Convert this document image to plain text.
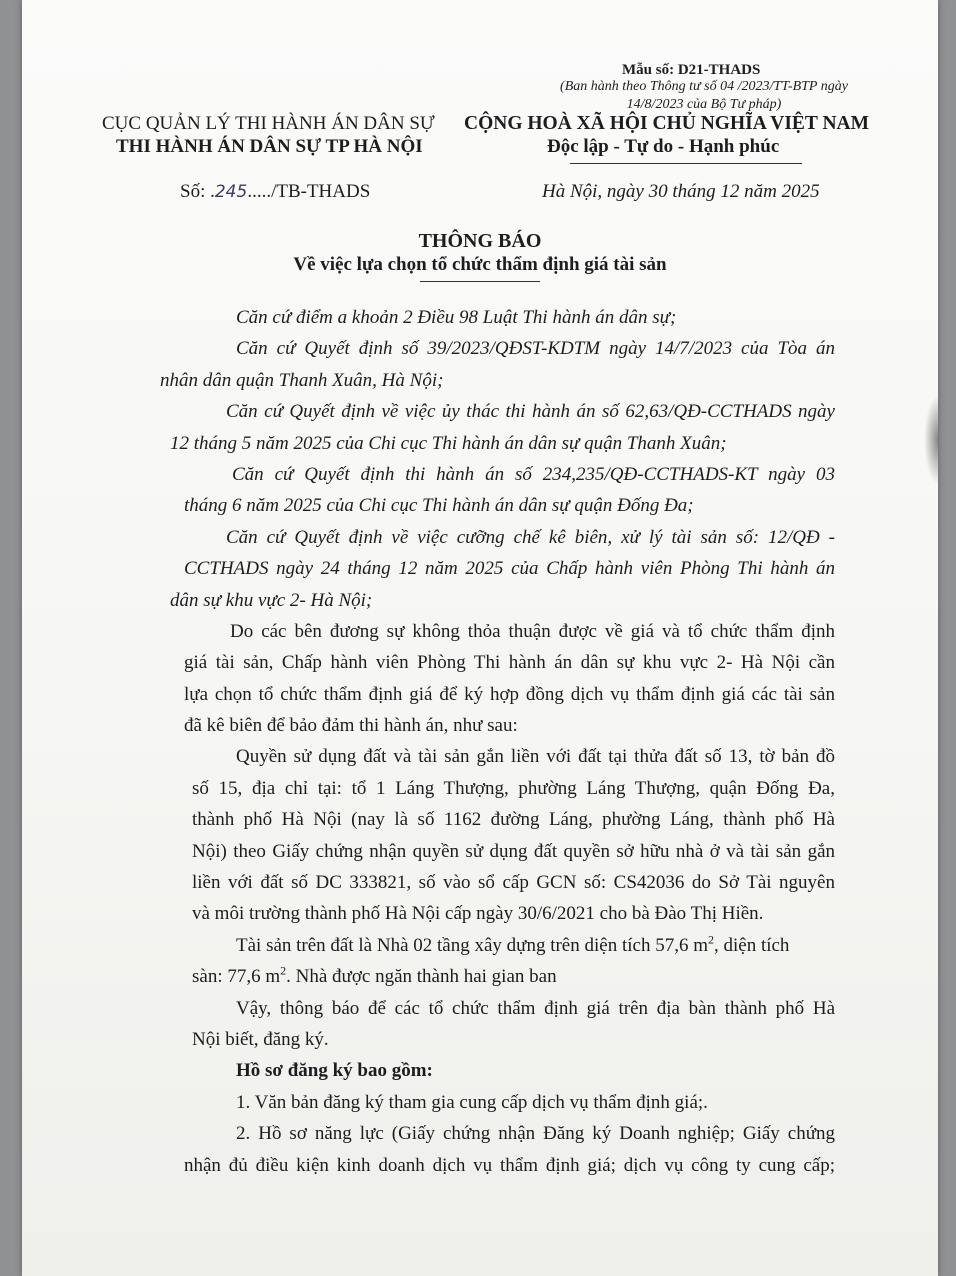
Mẫu số: D21-THADS
(Ban hành theo Thông tư số 04 /2023/TT-BTP ngày 14/8/2023 của Bộ Tư pháp)
CỤC QUẢN LÝ THI HÀNH ÁN DÂN SỰ
THI HÀNH ÁN DÂN SỰ TP HÀ NỘI
CỘNG HOÀ XÃ HỘI CHỦ NGHĨA VIỆT NAM
Độc lập - Tự do - Hạnh phúc
Số: .245...../TB-THADS	Hà Nội, ngày 30 tháng 12 năm 2025
THÔNG BÁO
Về việc lựa chọn tổ chức thẩm định giá tài sản
Căn cứ điểm a khoản 2 Điều 98 Luật Thi hành án dân sự;
Căn cứ Quyết định số 39/2023/QĐST-KDTM ngày 14/7/2023 của Tòa án
nhân dân quận Thanh Xuân, Hà Nội;
Căn cứ Quyết định về việc ủy thác thi hành án số 62,63/QĐ-CCTHADS ngày
12 tháng 5 năm 2025 của Chi cục Thi hành án dân sự quận Thanh Xuân;
Căn cứ Quyết định thi hành án số 234,235/QĐ-CCTHADS-KT ngày 03
tháng 6 năm 2025 của Chi cục Thi hành án dân sự quận Đống Đa;
Căn cứ Quyết định về việc cưỡng chế kê biên, xử lý tài sản số: 12/QĐ -
CCTHADS ngày 24 tháng 12 năm 2025 của Chấp hành viên Phòng Thi hành án
dân sự khu vực 2- Hà Nội;
Do các bên đương sự không thỏa thuận được về giá và tổ chức thẩm định
giá tài sản, Chấp hành viên Phòng Thi hành án dân sự khu vực 2- Hà Nội cần
lựa chọn tổ chức thẩm định giá để ký hợp đồng dịch vụ thẩm định giá các tài sản
đã kê biên để bảo đảm thi hành án, như sau:
Quyền sử dụng đất và tài sản gắn liền với đất tại thửa đất số 13, tờ bản đồ
số 15, địa chỉ tại: tổ 1 Láng Thượng, phường Láng Thượng, quận Đống Đa,
thành phố Hà Nội (nay là số 1162 đường Láng, phường Láng, thành phố Hà
Nội) theo Giấy chứng nhận quyền sử dụng đất quyền sở hữu nhà ở và tài sản gắn
liền với đất số DC 333821, số vào sổ cấp GCN số: CS42036 do Sở Tài nguyên
và môi trường thành phố Hà Nội cấp ngày 30/6/2021 cho bà Đào Thị Hiền.
Tài sản trên đất là Nhà 02 tầng xây dựng trên diện tích 57,6 $m^2$, diện tích
sàn: 77,6 $m^2$. Nhà được ngăn thành hai gian ban
Vậy, thông báo để các tổ chức thẩm định giá trên địa bàn thành phố Hà
Nội biết, đăng ký.
Hồ sơ đăng ký bao gồm:
1. Văn bản đăng ký tham gia cung cấp dịch vụ thẩm định giá;.
2. Hồ sơ năng lực (Giấy chứng nhận Đăng ký Doanh nghiệp; Giấy chứng
nhận đủ điều kiện kinh doanh dịch vụ thẩm định giá; dịch vụ công ty cung cấp;
